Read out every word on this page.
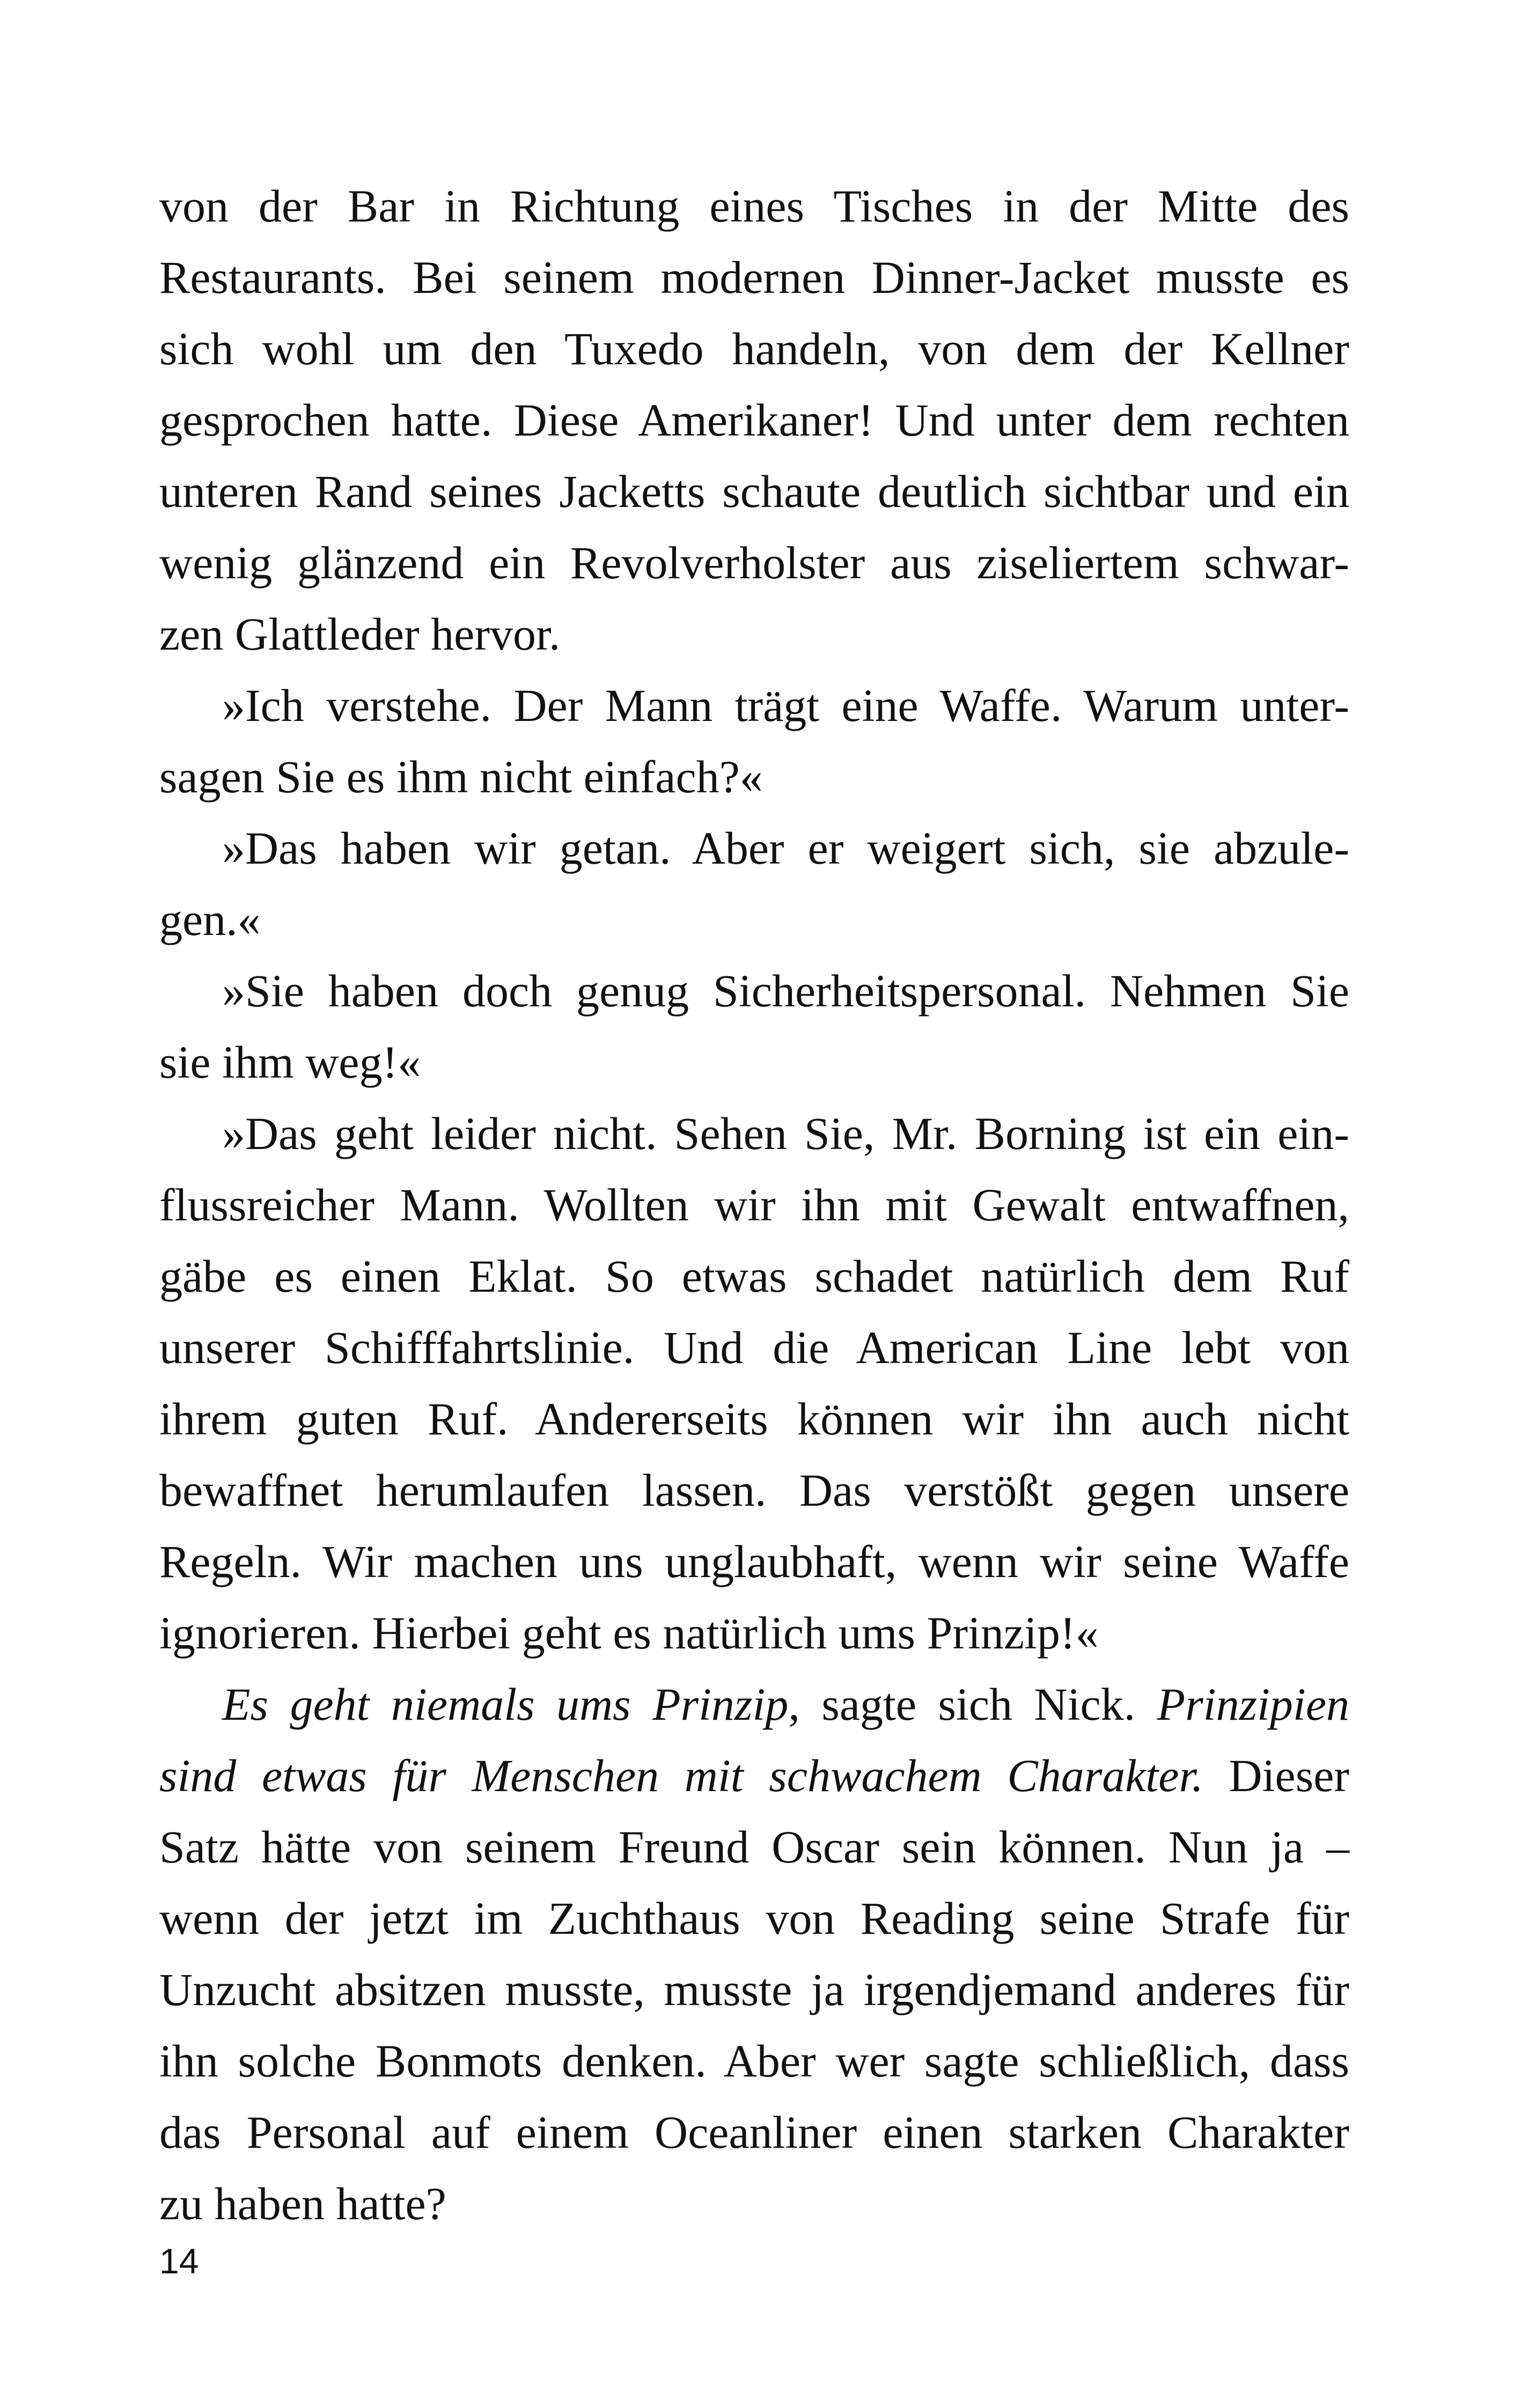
von der Bar in Richtung eines Tisches in der Mitte des
Restaurants. Bei seinem modernen Dinner-Jacket musste es
sich wohl um den Tuxedo handeln, von dem der Kellner
gesprochen hatte. Diese Amerikaner! Und unter dem rechten
unteren Rand seines Jacketts schaute deutlich sichtbar und ein
wenig glänzend ein Revolverholster aus ziseliertem schwar-
zen Glattleder hervor.
»Ich verstehe. Der Mann trägt eine Waffe. Warum unter-
sagen Sie es ihm nicht einfach?«
»Das haben wir getan. Aber er weigert sich, sie abzule-
gen.«
»Sie haben doch genug Sicherheitspersonal. Nehmen Sie
sie ihm weg!«
»Das geht leider nicht. Sehen Sie, Mr. Borning ist ein ein-
flussreicher Mann. Wollten wir ihn mit Gewalt entwaffnen,
gäbe es einen Eklat. So etwas schadet natürlich dem Ruf
unserer Schifffahrtslinie. Und die American Line lebt von
ihrem guten Ruf. Andererseits können wir ihn auch nicht
bewaffnet herumlaufen lassen. Das verstößt gegen unsere
Regeln. Wir machen uns unglaubhaft, wenn wir seine Waffe
ignorieren. Hierbei geht es natürlich ums Prinzip!«
Es geht niemals ums Prinzip, sagte sich Nick. Prinzipien
sind etwas für Menschen mit schwachem Charakter. Dieser
Satz hätte von seinem Freund Oscar sein können. Nun ja –
wenn der jetzt im Zuchthaus von Reading seine Strafe für
Unzucht absitzen musste, musste ja irgendjemand anderes für
ihn solche Bonmots denken. Aber wer sagte schließlich, dass
das Personal auf einem Oceanliner einen starken Charakter
zu haben hatte?
14
